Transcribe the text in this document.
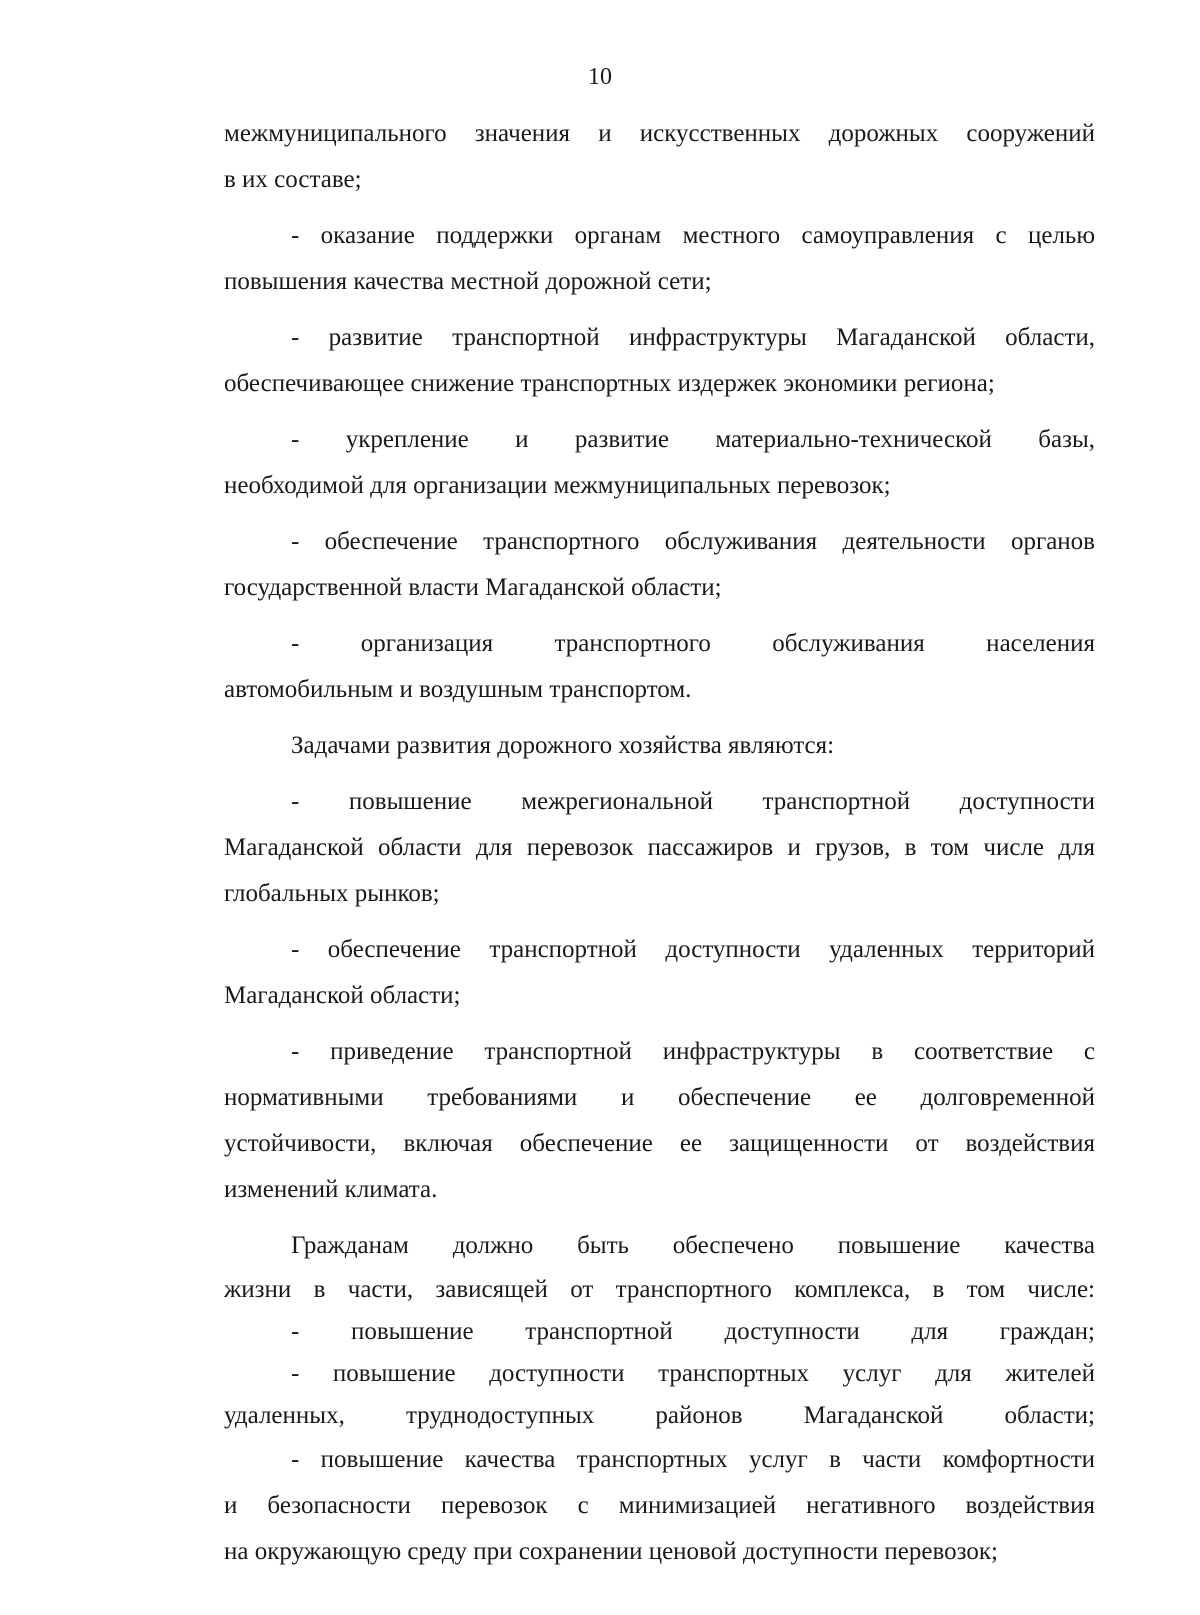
10
межмуниципального значения и искусственных дорожных сооружений
в их составе;
- оказание поддержки органам местного самоуправления с целью
повышения качества местной дорожной сети;
- развитие транспортной инфраструктуры Магаданской области,
обеспечивающее снижение транспортных издержек экономики региона;
- укрепление и развитие материально-технической базы,
необходимой для организации межмуниципальных перевозок;
- обеспечение транспортного обслуживания деятельности органов
государственной власти Магаданской области;
- организация транспортного обслуживания населения
автомобильным и воздушным транспортом.
Задачами развития дорожного хозяйства являются:
- повышение межрегиональной транспортной доступности
Магаданской области для перевозок пассажиров и грузов, в том числе для
глобальных рынков;
- обеспечение транспортной доступности удаленных территорий
Магаданской области;
- приведение транспортной инфраструктуры в соответствие с
нормативными требованиями и обеспечение ее долговременной
устойчивости, включая обеспечение ее защищенности от воздействия
изменений климата.
Гражданам должно быть обеспечено повышение качества
жизни в части, зависящей от транспортного комплекса, в том числе:
- повышение транспортной доступности для граждан;
- повышение доступности транспортных услуг для жителей
удаленных, труднодоступных районов Магаданской области;
- повышение качества транспортных услуг в части комфортности
и безопасности перевозок с минимизацией негативного воздействия
на окружающую среду при сохранении ценовой доступности перевозок;
